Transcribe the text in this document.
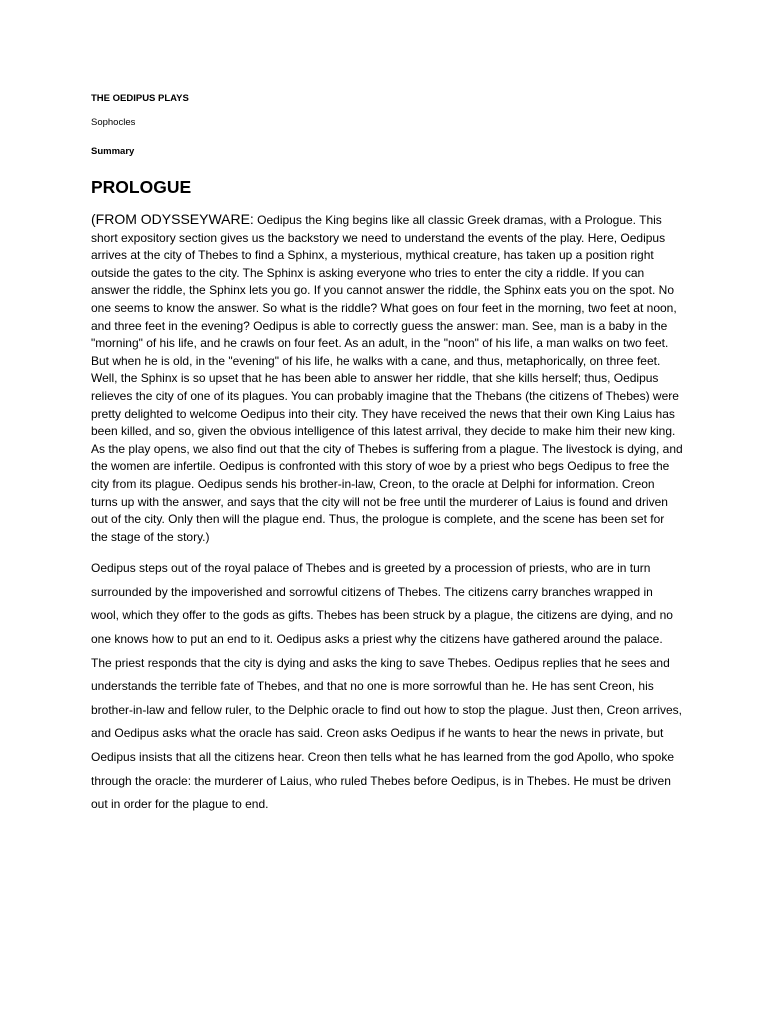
THE OEDIPUS PLAYS

Sophocles

Summary

PROLOGUE

(FROM ODYSSEYWARE: Oedipus the King begins like all classic Greek dramas, with a Prologue. This short expository section gives us the backstory we need to understand the events of the play. Here, Oedipus arrives at the city of Thebes to find a Sphinx, a mysterious, mythical creature, has taken up a position right outside the gates to the city. The Sphinx is asking everyone who tries to enter the city a riddle. If you can answer the riddle, the Sphinx lets you go. If you cannot answer the riddle, the Sphinx eats you on the spot. No one seems to know the answer. So what is the riddle? What goes on four feet in the morning, two feet at noon, and three feet in the evening? Oedipus is able to correctly guess the answer: man. See, man is a baby in the "morning" of his life, and he crawls on four feet. As an adult, in the "noon" of his life, a man walks on two feet. But when he is old, in the "evening" of his life, he walks with a cane, and thus, metaphorically, on three feet. Well, the Sphinx is so upset that he has been able to answer her riddle, that she kills herself; thus, Oedipus relieves the city of one of its plagues. You can probably imagine that the Thebans (the citizens of Thebes) were pretty delighted to welcome Oedipus into their city. They have received the news that their own King Laius has been killed, and so, given the obvious intelligence of this latest arrival, they decide to make him their new king. As the play opens, we also find out that the city of Thebes is suffering from a plague. The livestock is dying, and the women are infertile. Oedipus is confronted with this story of woe by a priest who begs Oedipus to free the city from its plague. Oedipus sends his brother-in-law, Creon, to the oracle at Delphi for information. Creon turns up with the answer, and says that the city will not be free until the murderer of Laius is found and driven out of the city. Only then will the plague end. Thus, the prologue is complete, and the scene has been set for the stage of the story.)

Oedipus steps out of the royal palace of Thebes and is greeted by a procession of priests, who are in turn surrounded by the impoverished and sorrowful citizens of Thebes. The citizens carry branches wrapped in wool, which they offer to the gods as gifts. Thebes has been struck by a plague, the citizens are dying, and no one knows how to put an end to it. Oedipus asks a priest why the citizens have gathered around the palace. The priest responds that the city is dying and asks the king to save Thebes. Oedipus replies that he sees and understands the terrible fate of Thebes, and that no one is more sorrowful than he. He has sent Creon, his brother-in-law and fellow ruler, to the Delphic oracle to find out how to stop the plague. Just then, Creon arrives, and Oedipus asks what the oracle has said. Creon asks Oedipus if he wants to hear the news in private, but Oedipus insists that all the citizens hear. Creon then tells what he has learned from the god Apollo, who spoke through the oracle: the murderer of Laius, who ruled Thebes before Oedipus, is in Thebes. He must be driven out in order for the plague to end.
